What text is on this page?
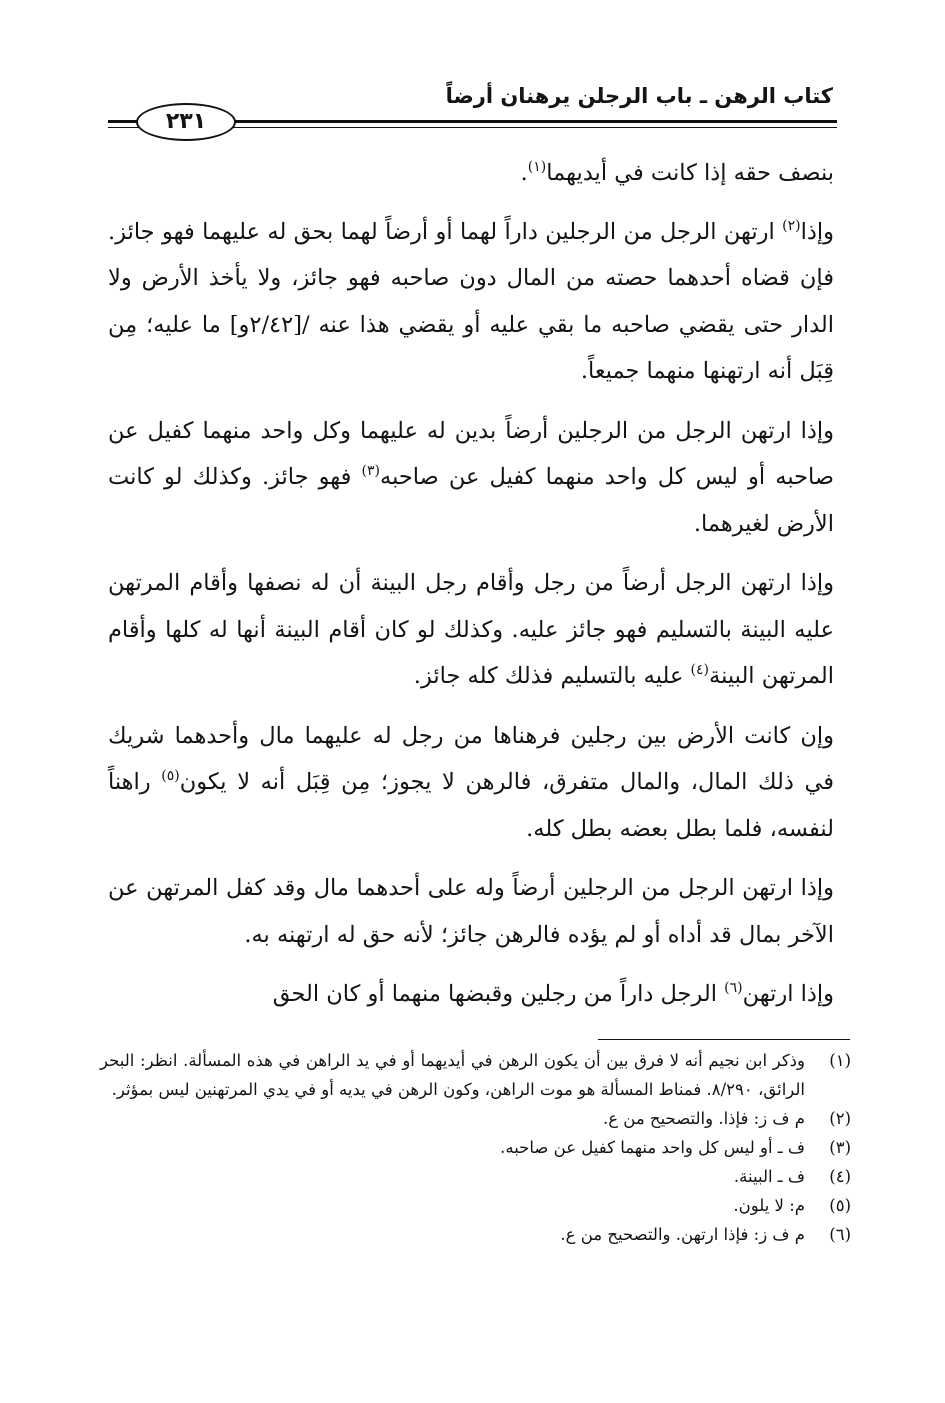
كتاب الرهن ـ باب الرجلن يرهنان أرضاً
٢٣١

بنصف حقه إذا كانت في أيديهما$^{(١)}$.

وإذا$^{(٢)}$ ارتهن الرجل من الرجلين داراً لهما أو أرضاً لهما بحق له عليهما فهو جائز. فإن قضاه أحدهما حصته من المال دون صاحبه فهو جائز، ولا يأخذ الأرض ولا الدار حتى يقضي صاحبه ما بقي عليه أو يقضي هذا عنه /[٢/٤٢و] ما عليه؛ مِن قِبَل أنه ارتهنها منهما جميعاً.

وإذا ارتهن الرجل من الرجلين أرضاً بدين له عليهما وكل واحد منهما كفيل عن صاحبه أو ليس كل واحد منهما كفيل عن صاحبه$^{(٣)}$ فهو جائز. وكذلك لو كانت الأرض لغيرهما.

وإذا ارتهن الرجل أرضاً من رجل وأقام رجل البينة أن له نصفها وأقام المرتهن عليه البينة بالتسليم فهو جائز عليه. وكذلك لو كان أقام البينة أنها له كلها وأقام المرتهن البينة$^{(٤)}$ عليه بالتسليم فذلك كله جائز.

وإن كانت الأرض بين رجلين فرهناها من رجل له عليهما مال وأحدهما شريك في ذلك المال، والمال متفرق، فالرهن لا يجوز؛ مِن قِبَل أنه لا يكون$^{(٥)}$ راهناً لنفسه، فلما بطل بعضه بطل كله.

وإذا ارتهن الرجل من الرجلين أرضاً وله على أحدهما مال وقد كفل المرتهن عن الآخر بمال قد أداه أو لم يؤده فالرهن جائز؛ لأنه حق له ارتهنه به.

وإذا ارتهن$^{(٦)}$ الرجل داراً من رجلين وقبضها منهما أو كان الحق

(١)
وذكر ابن نجيم أنه لا فرق بين أن يكون الرهن في أيديهما أو في يد الراهن في هذه المسألة. انظر: البحر الرائق، ٨/٢٩٠. فمناط المسألة هو موت الراهن، وكون الرهن في يديه أو في يدي المرتهنين ليس بمؤثر.
(٢)
م ف ز: فإذا. والتصحيح من ع.
(٣)
ف ـ أو ليس كل واحد منهما كفيل عن صاحبه.
(٤)
ف ـ البينة.
(٥)
م: لا يلون.
(٦)
م ف ز: فإذا ارتهن. والتصحيح من ع.
